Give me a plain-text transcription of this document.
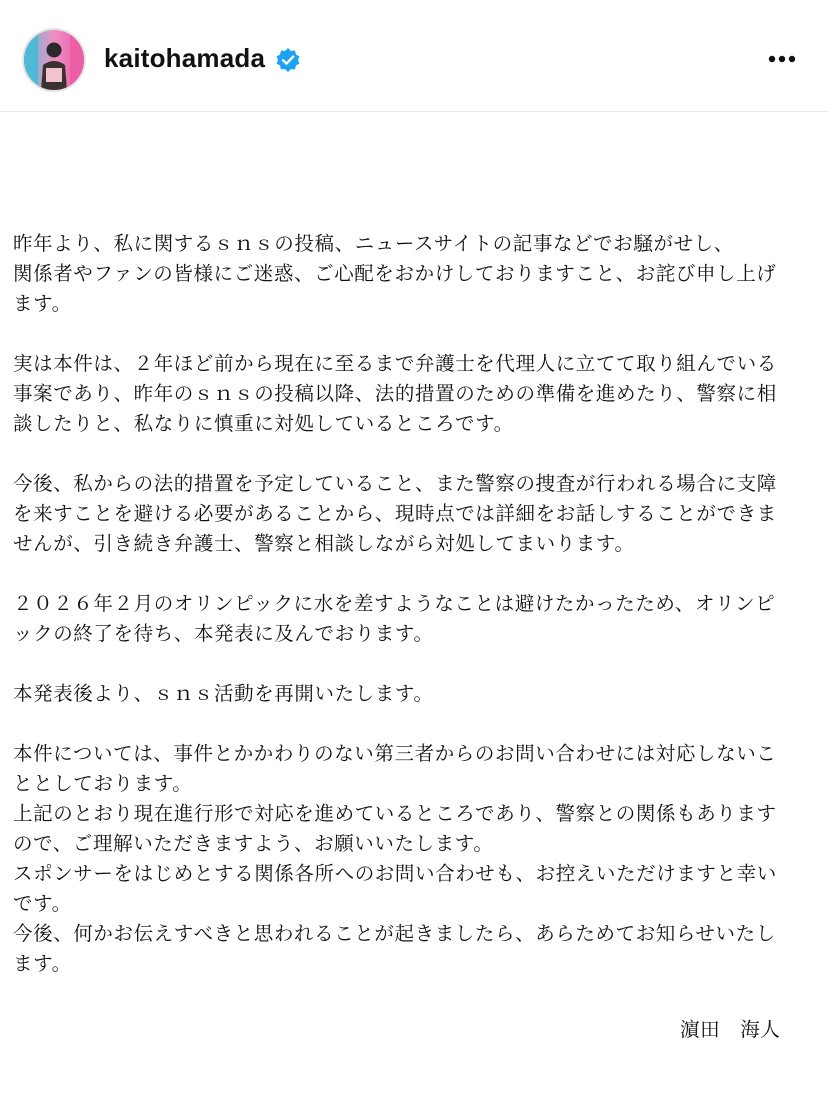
kaitohamada
昨年より、私に関するｓｎｓの投稿、ニュースサイトの記事などでお騒がせし、
関係者やファンの皆様にご迷惑、ご心配をおかけしておりますこと、お詫び申し上げ
ます。
実は本件は、２年ほど前から現在に至るまで弁護士を代理人に立てて取り組んでいる
事案であり、昨年のｓｎｓの投稿以降、法的措置のための準備を進めたり、警察に相
談したりと、私なりに慎重に対処しているところです。
今後、私からの法的措置を予定していること、また警察の捜査が行われる場合に支障
を来すことを避ける必要があることから、現時点では詳細をお話しすることができま
せんが、引き続き弁護士、警察と相談しながら対処してまいります。
２０２６年２月のオリンピックに水を差すようなことは避けたかったため、オリンピ
ックの終了を待ち、本発表に及んでおります。
本発表後より、ｓｎｓ活動を再開いたします。
本件については、事件とかかわりのない第三者からのお問い合わせには対応しないこ
ととしております。
上記のとおり現在進行形で対応を進めているところであり、警察との関係もあります
ので、ご理解いただきますよう、お願いいたします。
スポンサーをはじめとする関係各所へのお問い合わせも、お控えいただけますと幸い
です。
今後、何かお伝えすべきと思われることが起きましたら、あらためてお知らせいたし
ます。
濵田　海人
